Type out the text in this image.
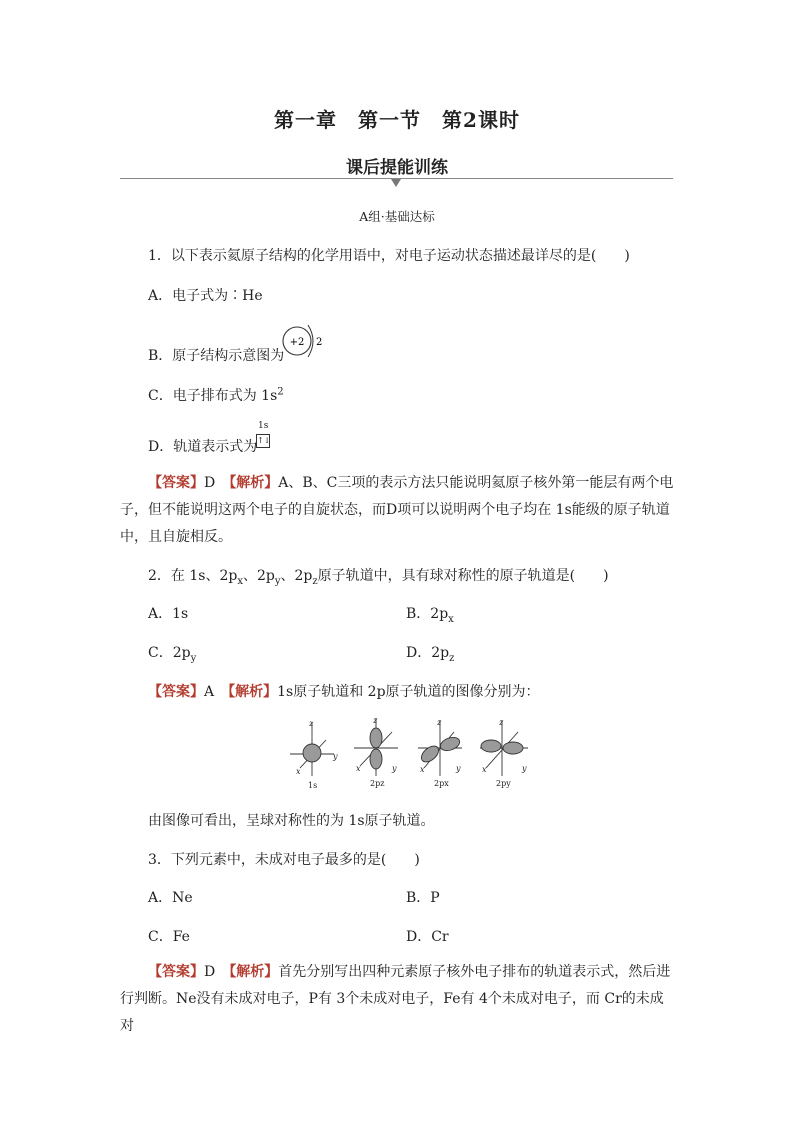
第一章　第一节　第2课时
课后提能训练
A组·基础达标
1．以下表示氦原子结构的化学用语中，对电子运动状态描述最详尽的是(　　)
A．电子式为∶He
B．原子结构示意图为
+2 2
C．电子排布式为 $1s^2$
D．轨道表示式为
1s
↑↓
【答案】D　 【解析】A、B、C三项的表示方法只能说明氦原子核外第一能层有两个电
子，但不能说明这两个电子的自旋状态，而D项可以说明两个电子均在 1s能级的原子轨道
中，且自旋相反。
2．在 1s、$2p_x$、$2p_y$、$2p_z$原子轨道中，具有球对称性的原子轨道是(　　)
A．1s	B．$2p_x$
C．$2p_y$	D．$2p_z$
【答案】A　 【解析】1s原子轨道和 2p原子轨道的图像分别为：
z
y
x
1s
z
y
x
2pz
z
y
x
2px
z
y
x
2py
由图像可看出，呈球对称性的为 1s原子轨道。
3．下列元素中，未成对电子最多的是(　　)
A．Ne	B．P
C．Fe	D．Cr
【答案】D　 【解析】首先分别写出四种元素原子核外电子排布的轨道表示式，然后进
行判断。Ne没有未成对电子，P有 3个未成对电子，Fe有 4个未成对电子，而 Cr的未成对
